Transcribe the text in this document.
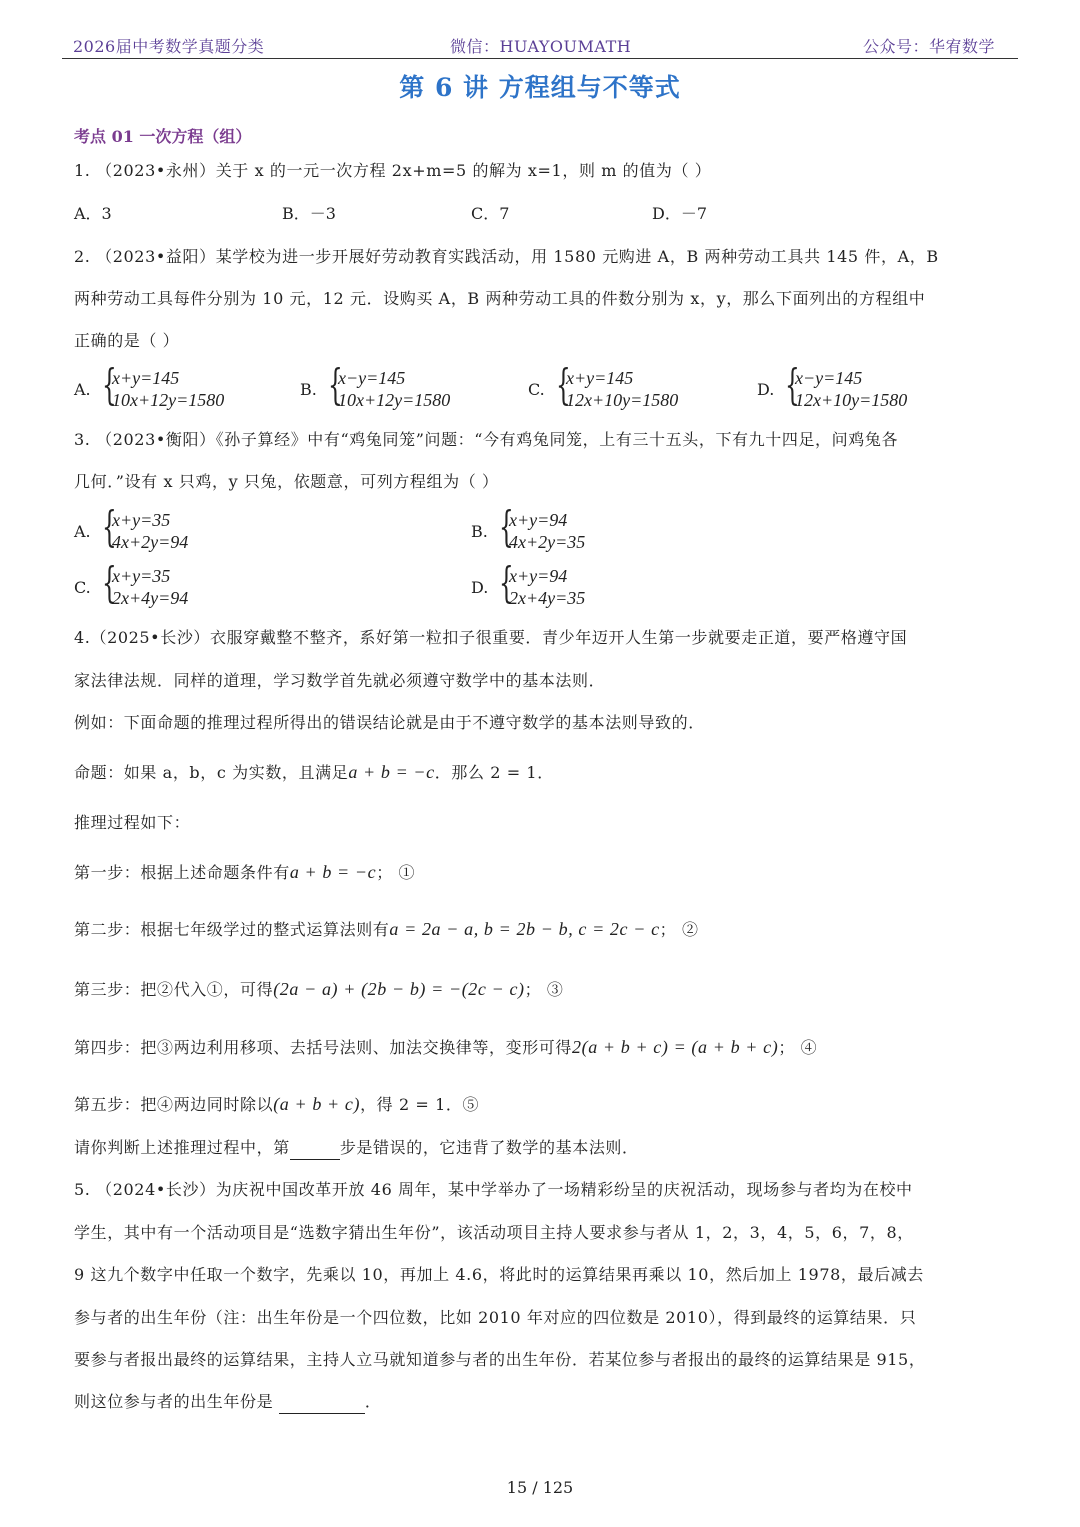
2026届中考数学真题分类	微信：HUAYOUMATH	公众号：华宥数学
第 6 讲 方程组与不等式
考点 01 一次方程（组）
1. （2023•永州）关于 x 的一元一次方程 2x+m=5 的解为 x=1，则 m 的值为（ ）
A．3	B．－3	C．7	D．－7
2. （2023•益阳）某学校为进一步开展好劳动教育实践活动，用 1580 元购进 A，B 两种劳动工具共 145 件，A，B
两种劳动工具每件分别为 10 元，12 元．设购买 A，B 两种劳动工具的件数分别为 x，y，那么下面列出的方程组中
正确的是（ ）
A. {
x+y=145
10x+12y=1580
B. {
x−y=145
10x+12y=1580
C. {
x+y=145
12x+10y=1580
D. {
x−y=145
12x+10y=1580
3. （2023•衡阳）《孙子算经》中有“鸡兔同笼”问题：“今有鸡兔同笼，上有三十五头，下有九十四足，问鸡兔各
几何．”设有 x 只鸡，y 只兔，依题意，可列方程组为（ ）
A. {
x+y=35
4x+2y=94
B. {
x+y=94
4x+2y=35
C. {
x+y=35
2x+4y=94
D. {
x+y=94
2x+4y=35
4.（2025•长沙）衣服穿戴整不整齐，系好第一粒扣子很重要．青少年迈开人生第一步就要走正道，要严格遵守国
家法律法规．同样的道理，学习数学首先就必须遵守数学中的基本法则．
例如：下面命题的推理过程所得出的错误结论就是由于不遵守数学的基本法则导致的．
命题：如果 a，b，c 为实数，且满足a + b = −c．那么 2 = 1．
推理过程如下：
第一步：根据上述命题条件有a + b = −c； ①
第二步：根据七年级学过的整式运算法则有a = 2a − a, b = 2b − b, c = 2c − c； ②
第三步：把②代入①，可得(2a − a) + (2b − b) = −(2c − c)； ③
第四步：把③两边利用移项、去括号法则、加法交换律等，变形可得2(a + b + c) = (a + b + c)； ④
第五步：把④两边同时除以(a + b + c)，得 2 = 1．⑤
请你判断上述推理过程中，第	步是错误的，它违背了数学的基本法则．
5. （2024•长沙）为庆祝中国改革开放 46 周年，某中学举办了一场精彩纷呈的庆祝活动，现场参与者均为在校中
学生，其中有一个活动项目是“选数字猜出生年份”，该活动项目主持人要求参与者从 1，2，3，4，5，6，7，8，
9 这九个数字中任取一个数字，先乘以 10，再加上 4.6，将此时的运算结果再乘以 10，然后加上 1978，最后减去
参与者的出生年份（注：出生年份是一个四位数，比如 2010 年对应的四位数是 2010），得到最终的运算结果．只
要参与者报出最终的运算结果，主持人立马就知道参与者的出生年份．若某位参与者报出的最终的运算结果是 915，
则这位参与者的出生年份是	．
15 / 125
